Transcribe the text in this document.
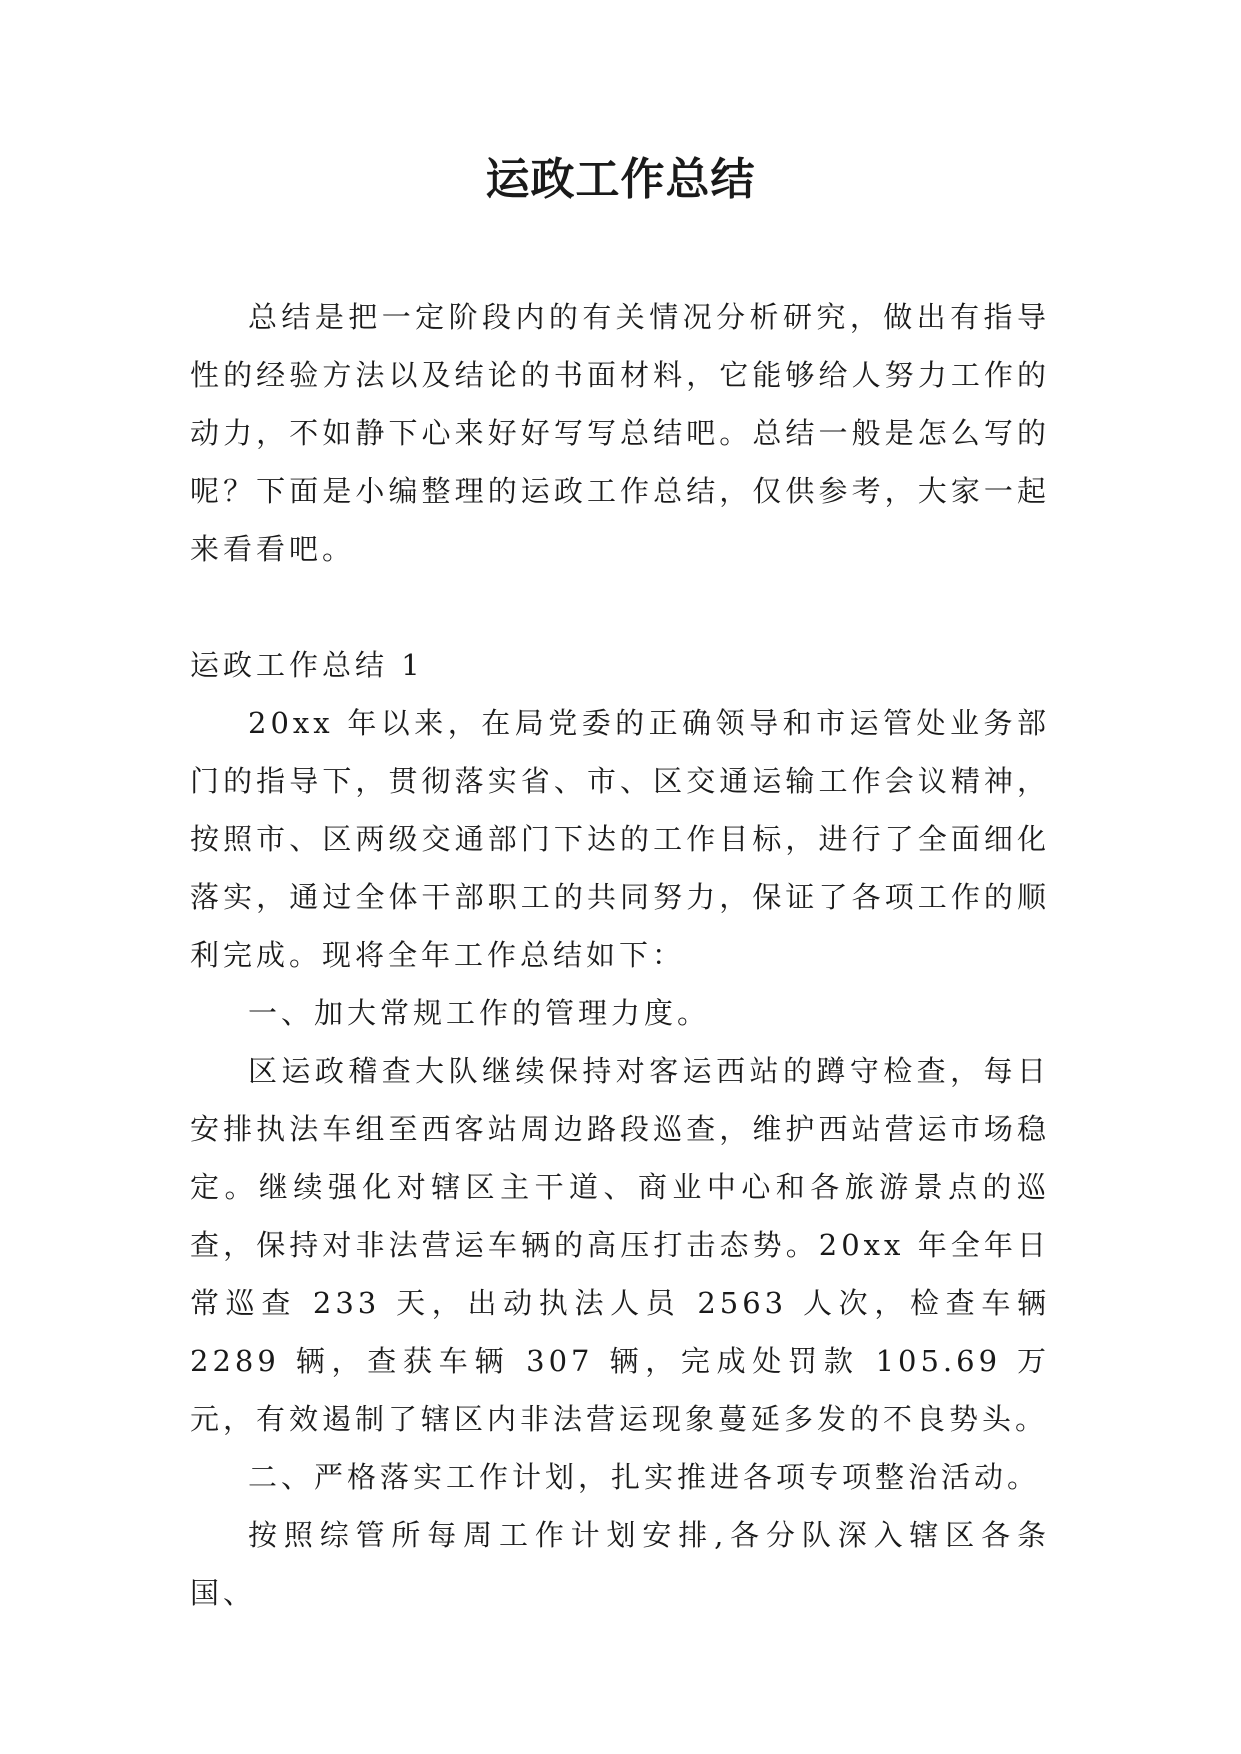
运政工作总结

总结是把一定阶段内的有关情况分析研究，做出有指导性的经验方法以及结论的书面材料，它能够给人努力工作的动力，不如静下心来好好写写总结吧。总结一般是怎么写的呢？下面是小编整理的运政工作总结，仅供参考，大家一起来看看吧。

运政工作总结 1

20xx 年以来，在局党委的正确领导和市运管处业务部门的指导下，贯彻落实省、市、区交通运输工作会议精神，按照市、区两级交通部门下达的工作目标，进行了全面细化落实，通过全体干部职工的共同努力，保证了各项工作的顺利完成。现将全年工作总结如下：

一、加大常规工作的管理力度。

区运政稽查大队继续保持对客运西站的蹲守检查，每日安排执法车组至西客站周边路段巡查，维护西站营运市场稳定。继续强化对辖区主干道、商业中心和各旅游景点的巡查，保持对非法营运车辆的高压打击态势。20xx 年全年日常巡查 233 天，出动执法人员 2563 人次，检查车辆 2289 辆，查获车辆 307 辆，完成处罚款 105.69 万元，有效遏制了辖区内非法营运现象蔓延多发的不良势头。

二、严格落实工作计划，扎实推进各项专项整治活动。

按照综管所每周工作计划安排,各分队深入辖区各条国、
